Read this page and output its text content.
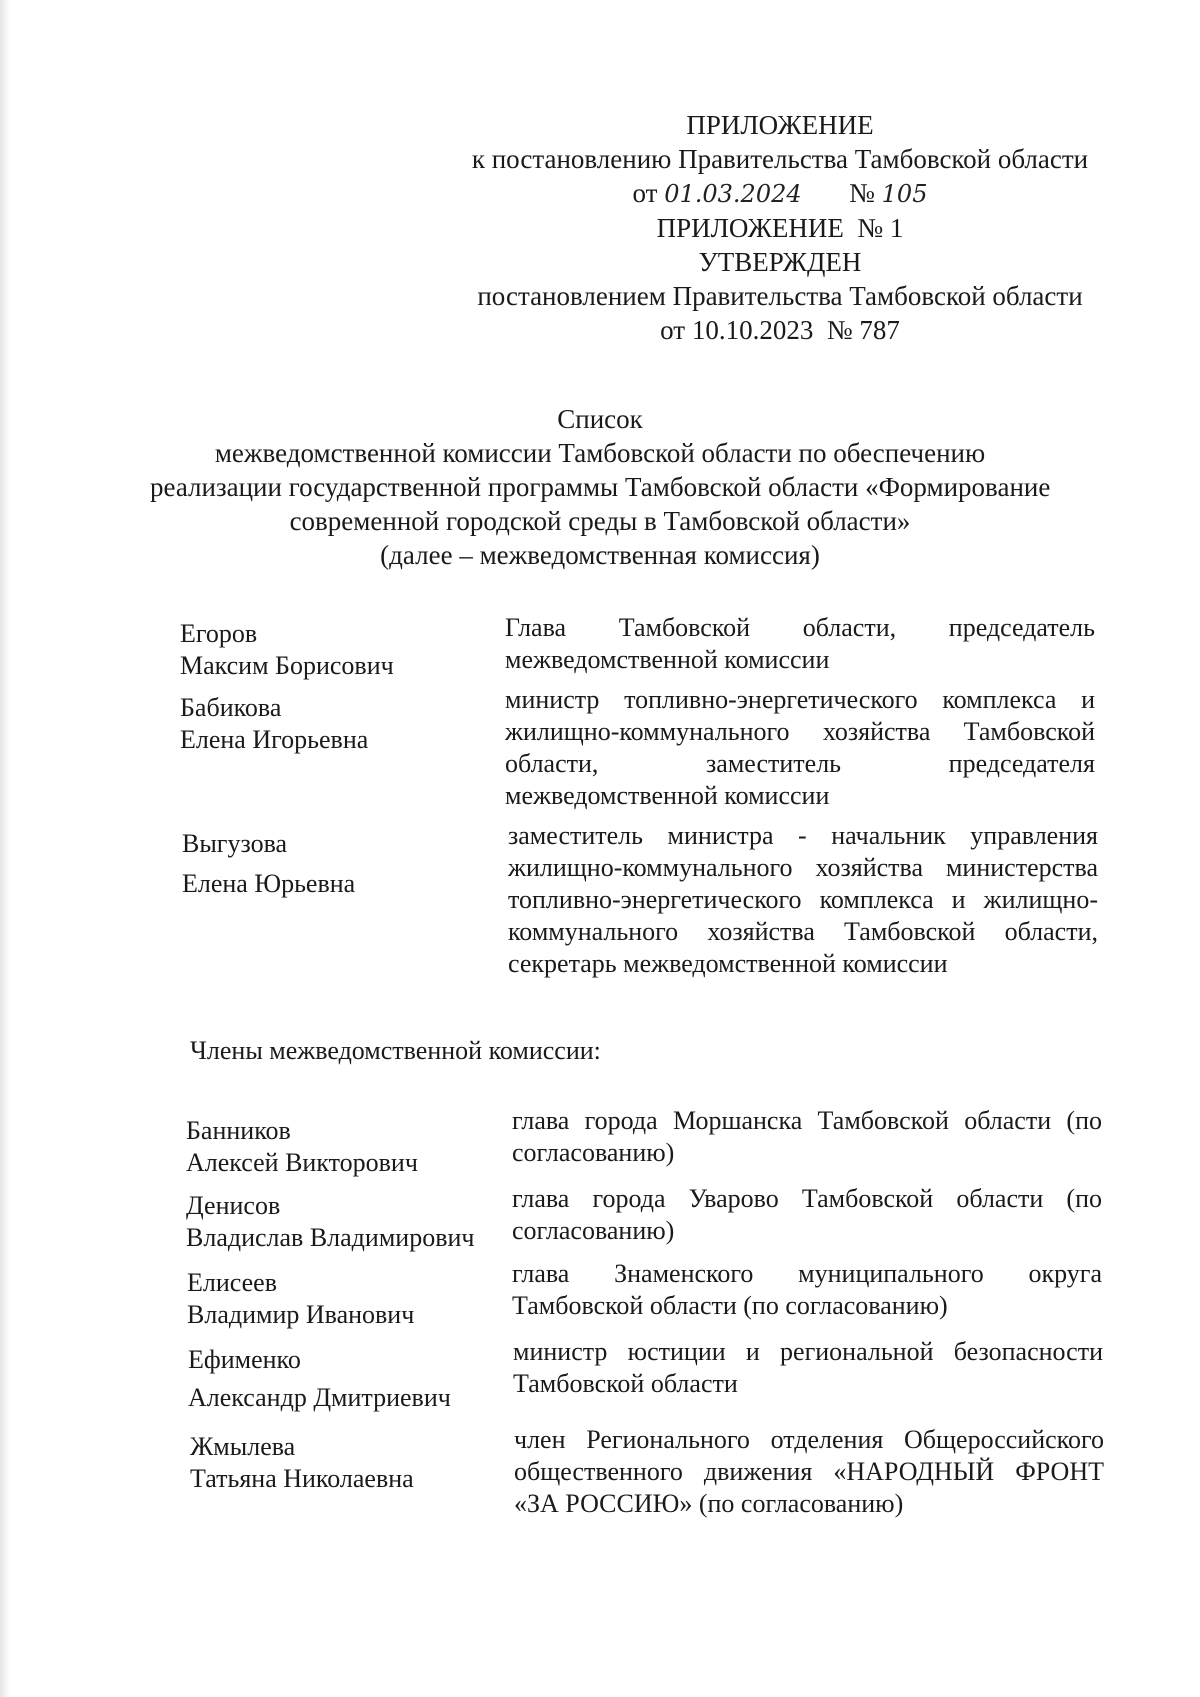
ПРИЛОЖЕНИЕ
к постановлению Правительства Тамбовской области
от 01.03.2024 № 105
ПРИЛОЖЕНИЕ  № 1
УТВЕРЖДЕН
постановлением Правительства Тамбовской области
от 10.10.2023  № 787
Список
межведомственной комиссии Тамбовской области по обеспечению
реализации государственной программы Тамбовской области «Формирование
современной городской среды в Тамбовской области»
(далее – межведомственная комиссия)
Егоров
Максим Борисович
Глава Тамбовской области, председатель межведомственной комиссии
Бабикова
Елена Игорьевна
министр топливно-энергетического комплекса и жилищно-коммунального хозяйства Тамбовской области, заместитель председателя межведомственной комиссии
Выгузова
Елена Юрьевна
заместитель министра - начальник управления жилищно-коммунального хозяйства министерства топливно-энергетического комплекса и жилищно-коммунального хозяйства Тамбовской области, секретарь межведомственной комиссии
Члены межведомственной комиссии:
Банников
Алексей Викторович
глава города Моршанска Тамбовской области (по согласованию)
Денисов
Владислав Владимирович
глава города Уварово Тамбовской области (по согласованию)
Елисеев
Владимир Иванович
глава Знаменского муниципального округа Тамбовской области (по согласованию)
Ефименко
Александр Дмитриевич
министр юстиции и региональной безопасности Тамбовской области
Жмылева
Татьяна Николаевна
член Регионального отделения Общероссийского общественного движения «НАРОДНЫЙ ФРОНТ «ЗА РОССИЮ» (по согласованию)
